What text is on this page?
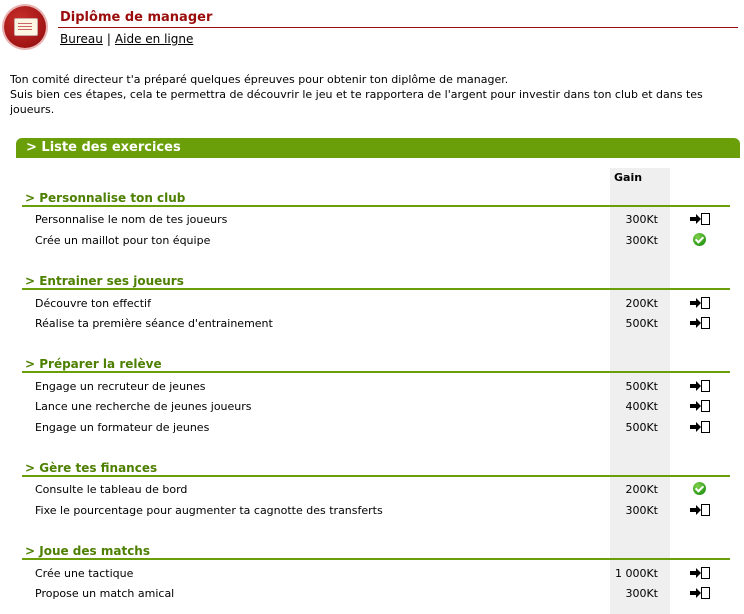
Diplôme de manager
Bureau | Aide en ligne
Ton comité directeur t'a préparé quelques épreuves pour obtenir ton diplôme de manager.
Suis bien ces étapes, cela te permettra de découvrir le jeu et te rapportera de l'argent pour investir dans ton club et dans tes joueurs.
> Liste des exercices
Gain
> Personnalise ton club
Personnalise le nom de tes joueurs	300Kt
Crée un maillot pour ton équipe	300Kt
> Entrainer ses joueurs
Découvre ton effectif	200Kt
Réalise ta première séance d'entrainement	500Kt
> Préparer la relève
Engage un recruteur de jeunes	500Kt
Lance une recherche de jeunes joueurs	400Kt
Engage un formateur de jeunes	500Kt
> Gère tes finances
Consulte le tableau de bord	200Kt
Fixe le pourcentage pour augmenter ta cagnotte des transferts	300Kt
> Joue des matchs
Crée une tactique	1 000Kt
Propose un match amical	300Kt
